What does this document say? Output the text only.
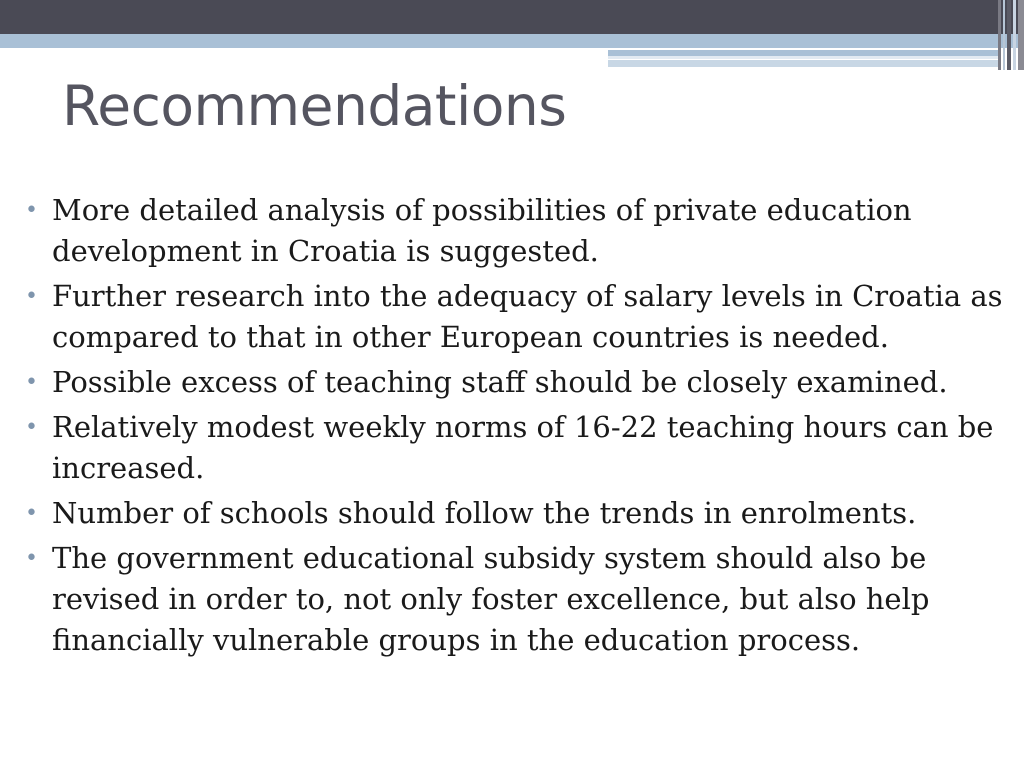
Recommendations
• More detailed analysis of possibilities of private education development in Croatia is suggested.
• Further research into the adequacy of salary levels in Croatia as compared to that in other European countries is needed.
• Possible excess of teaching staff should be closely examined.
• Relatively modest weekly norms of 16-22 teaching hours can be increased.
• Number of schools should follow the trends in enrolments.
• The government educational subsidy system should also be revised in order to, not only foster excellence, but also help financially vulnerable groups in the education process.
